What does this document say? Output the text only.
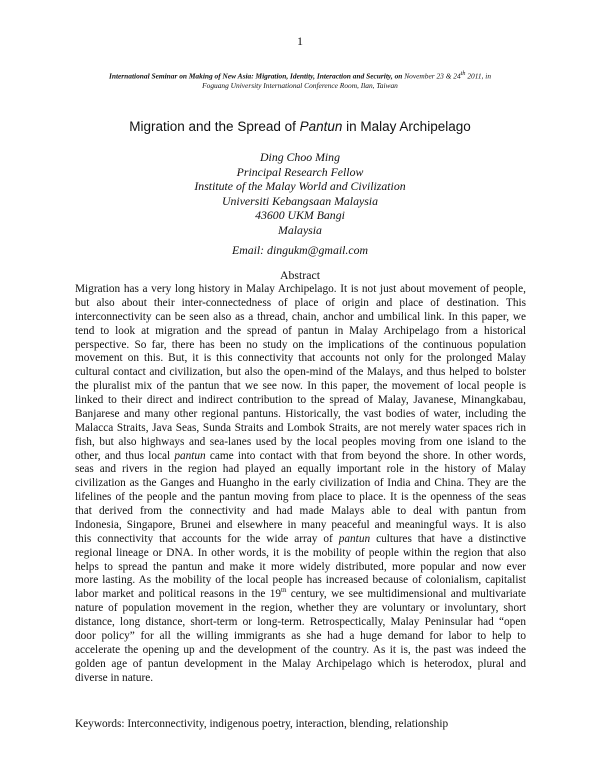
1
International Seminar on Making of New Asia: Migration, Identity, Interaction and Security, on November 23 & 24th 2011, in
Foguang University International Conference Room, Ilan, Taiwan
Migration and the Spread of Pantun in Malay Archipelago
Ding Choo Ming
Principal Research Fellow
Institute of the Malay World and Civilization
Universiti Kebangsaan Malaysia
43600 UKM Bangi
Malaysia
Email: dingukm@gmail.com
Abstract
Migration has a very long history in Malay Archipelago. It is not just about movement of people,
but also about their inter-connectedness of place of origin and place of destination. This
interconnectivity can be seen also as a thread, chain, anchor and umbilical link. In this paper, we
tend to look at migration and the spread of pantun in Malay Archipelago from a historical
perspective. So far, there has been no study on the implications of the continuous population
movement on this. But, it is this connectivity that accounts not only for the prolonged Malay
cultural contact and civilization, but also the open-mind of the Malays, and thus helped to bolster
the pluralist mix of the pantun that we see now. In this paper, the movement of local people is
linked to their direct and indirect contribution to the spread of Malay, Javanese, Minangkabau,
Banjarese and many other regional pantuns. Historically, the vast bodies of water, including the
Malacca Straits, Java Seas, Sunda Straits and Lombok Straits, are not merely water spaces rich in
fish, but also highways and sea-lanes used by the local peoples moving from one island to the
other, and thus local pantun came into contact with that from beyond the shore. In other words,
seas and rivers in the region had played an equally important role in the history of Malay
civilization as the Ganges and Huangho in the early civilization of India and China. They are the
lifelines of the people and the pantun moving from place to place. It is the openness of the seas
that derived from the connectivity and had made Malays able to deal with pantun from
Indonesia, Singapore, Brunei and elsewhere in many peaceful and meaningful ways. It is also
this connectivity that accounts for the wide array of pantun cultures that have a distinctive
regional lineage or DNA. In other words, it is the mobility of people within the region that also
helps to spread the pantun and make it more widely distributed, more popular and now ever
more lasting. As the mobility of the local people has increased because of colonialism, capitalist
labor market and political reasons in the 19th century, we see multidimensional and multivariate
nature of population movement in the region, whether they are voluntary or involuntary, short
distance, long distance, short-term or long-term. Retrospectically, Malay Peninsular had “open
door policy” for all the willing immigrants as she had a huge demand for labor to help to
accelerate the opening up and the development of the country. As it is, the past was indeed the
golden age of pantun development in the Malay Archipelago which is heterodox, plural and
diverse in nature.
Keywords: Interconnectivity, indigenous poetry, interaction, blending, relationship
